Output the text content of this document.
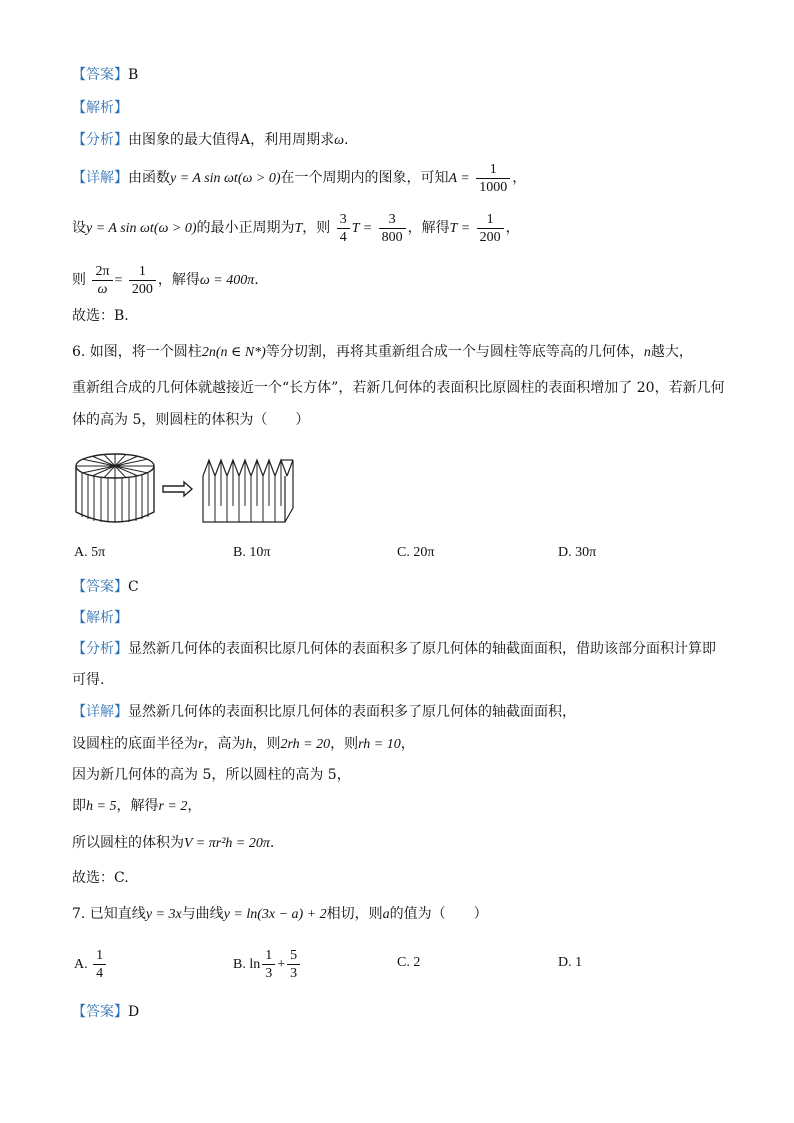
【答案】B
【解析】
【分析】由图象的最大值得A，利用周期求ω.
【详解】由函数y = A sin ωt(ω > 0)在一个周期内的图象，可知$A = \frac{1}{1000}$ ，
设y = A sin ωt(ω > 0)的最小正周期为T，则 $\frac{3}{4}$ $T = \frac{3}{800}$ ，解得$T = \frac{1}{200}$ ，
则 $\frac{2\pi}{\omega} = \frac{1}{200}$ ，解得ω = 400π.
故选：B.
6. 如图，将一个圆柱2n(n ∈ N*)等分切割，再将其重新组合成一个与圆柱等底等高的几何体，n越大，
重新组合成的几何体就越接近一个“长方体”，若新几何体的表面积比原圆柱的表面积增加了 20，若新几何
体的高为 5，则圆柱的体积为（　　）
A. 5π	B. 10π	C. 20π	D. 30π
【答案】C
【解析】
【分析】显然新几何体的表面积比原几何体的表面积多了原几何体的轴截面面积，借助该部分面积计算即
可得.
【详解】显然新几何体的表面积比原几何体的表面积多了原几何体的轴截面面积，
设圆柱的底面半径为r，高为h，则2rh = 20，则rh = 10，
因为新几何体的高为 5，所以圆柱的高为 5，
即h = 5，解得r = 2，
所以圆柱的体积为V = πr²h = 20π.
故选：C.
7. 已知直线y = 3x与曲线y = ln(3x − a) + 2相切，则a的值为（　　）
A. $\frac{1}{4}$	B. $\ln \frac{1}{3} + \frac{5}{3}$	C. 2	D. 1
【答案】D
